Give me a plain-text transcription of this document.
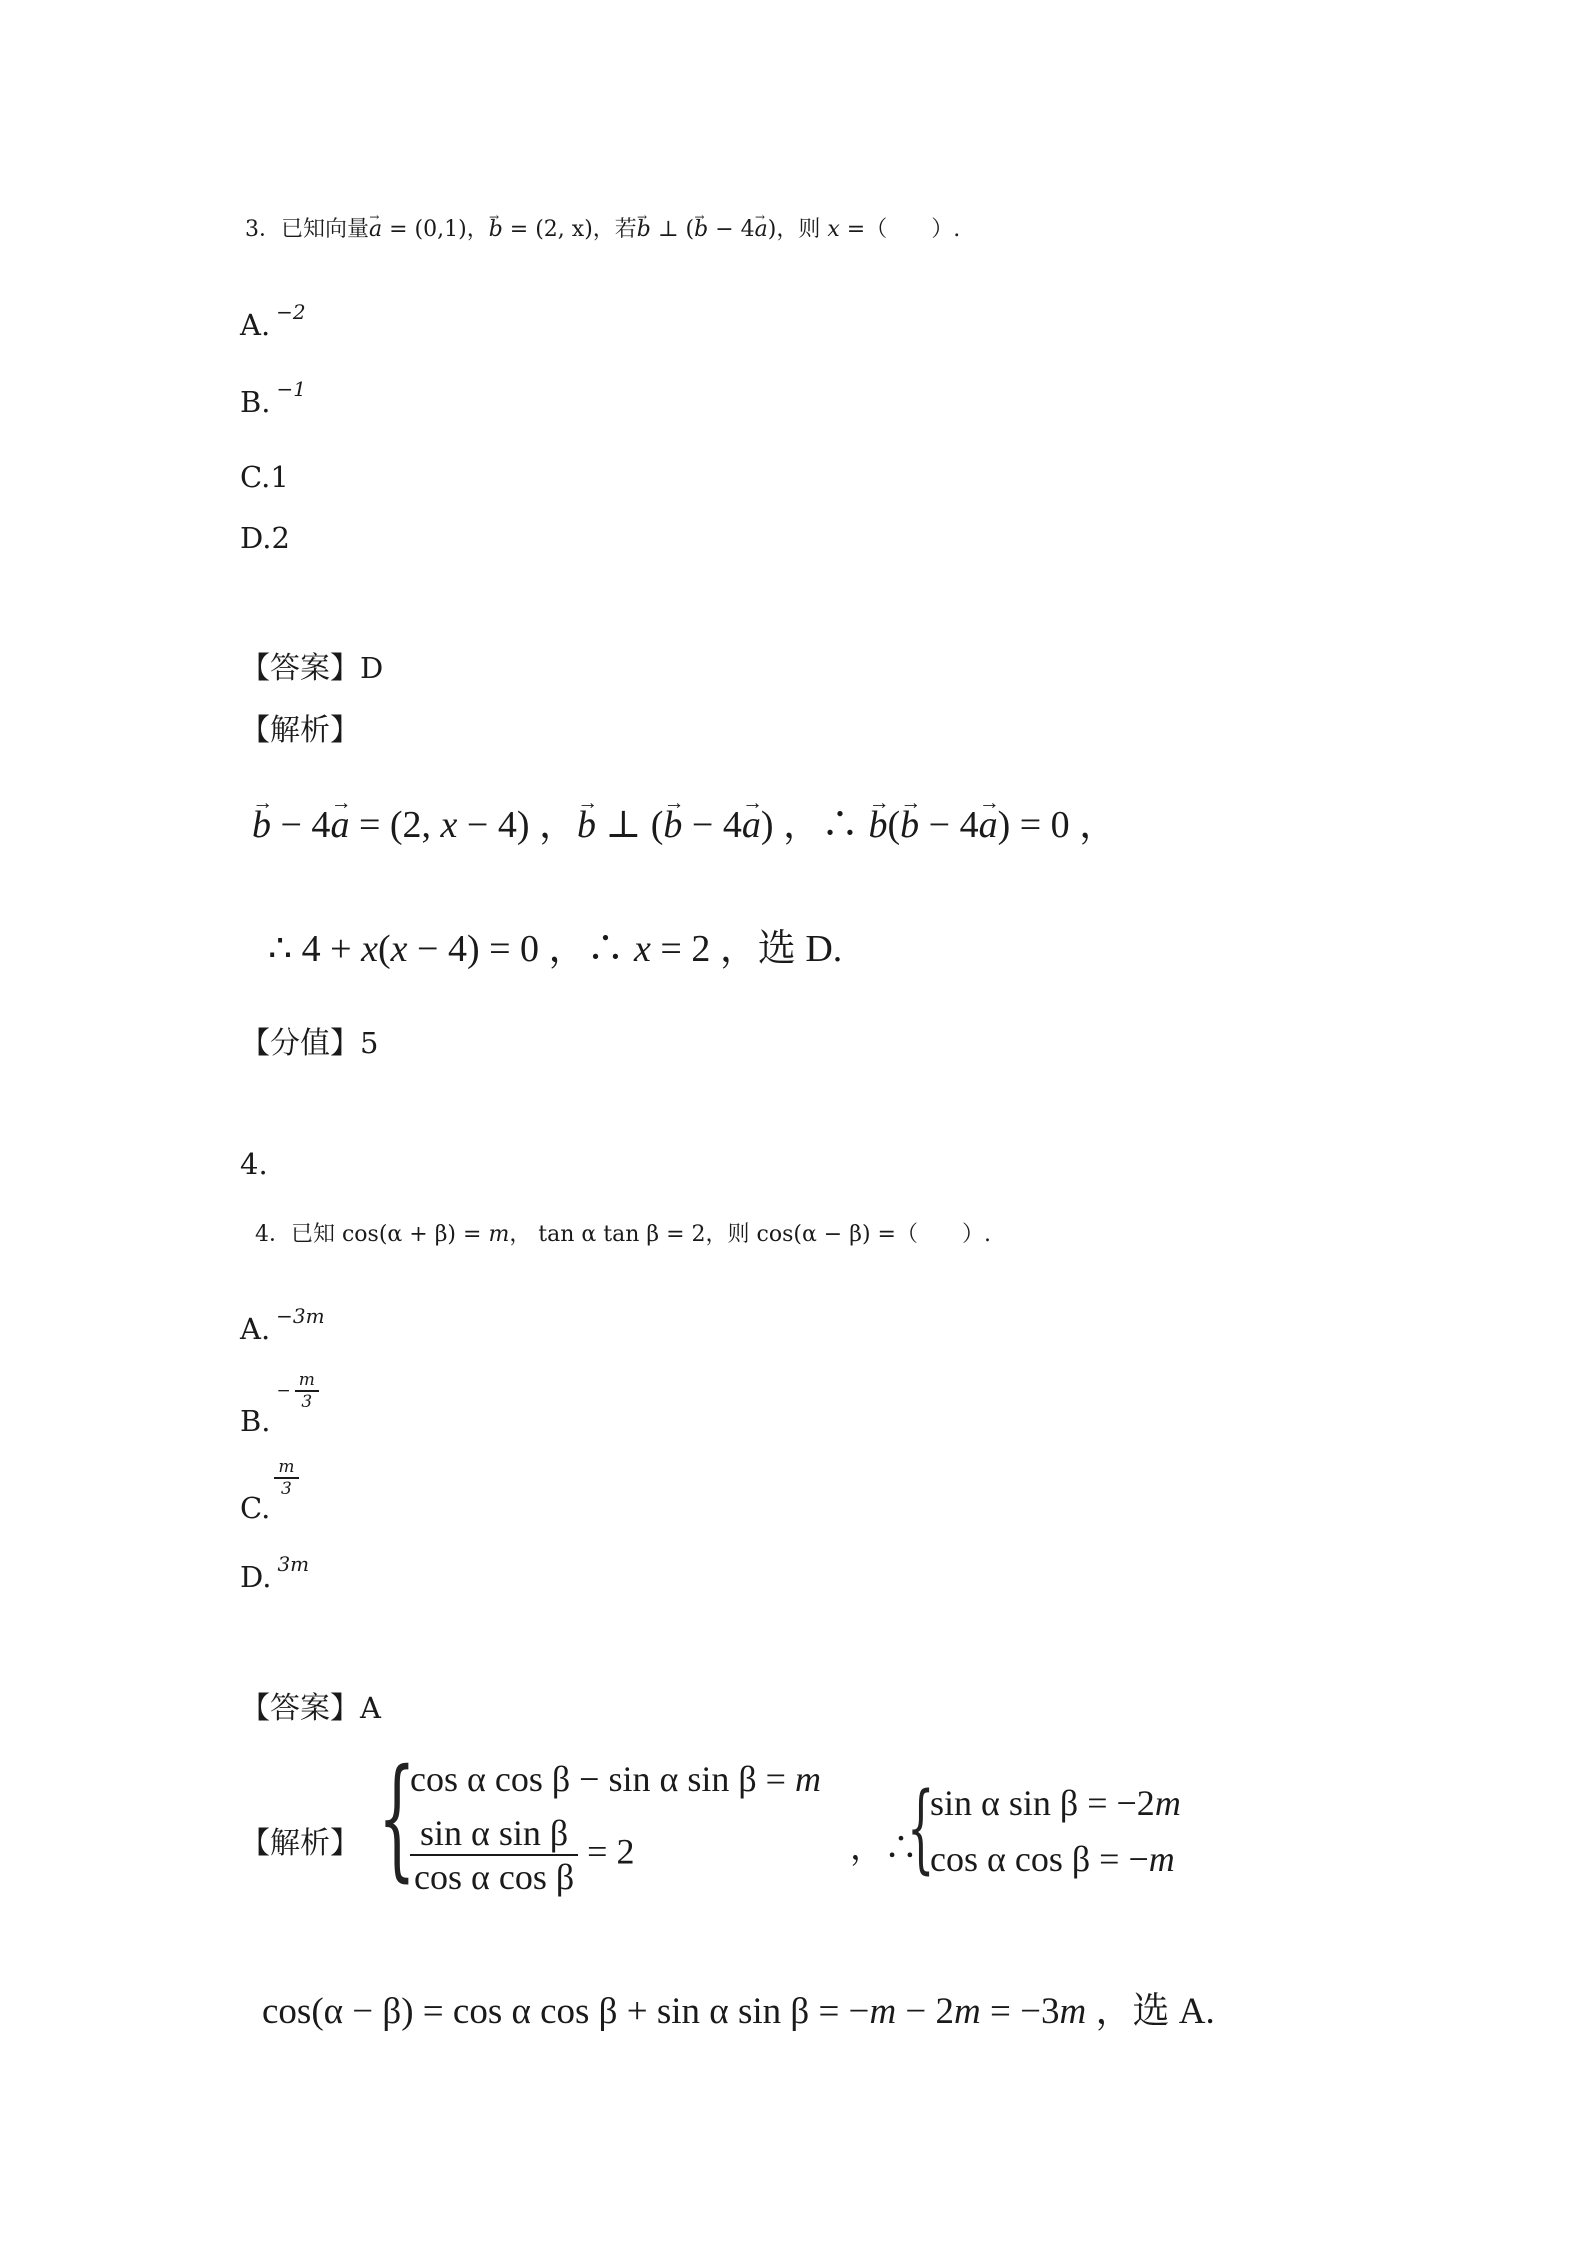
3．已知向量→ a = (0,1)，→ b = (2, x)，若→ b ⊥ (→ b − 4→ a)，则 x =（　　）.
A. $^{-2}$
B. $^{-1}$
C.1
D.2
【答案】D
【解析】
→ b − 4→ a = (2, x − 4) ，→ b ⊥ (→ b − 4→ a) ，∴ → b(→ b − 4→ a) = 0 ，
∴ 4 + x(x − 4) = 0 ，∴ x = 2 ，选 D.
【分值】5
4.
4．已知 cos(α + β) = m， tan α tan β = 2，则 cos(α − β) =（　　）.
A. $^{-3m}$
$B.- \frac{m}{3}$
C.
$\frac{m}{3}$
D. $^{3m}$
【答案】A
【解析】 {
cos α cos β − sin α sin β = m
$\frac{\text{sin α sin β}}{\text{cos α cos β}} = 2$	，∴
{
sin α sin β = −2m
cos α cos β = −m
cos(α − β) = cos α cos β + sin α sin β = −m − 2m = −3m ，选 A.
